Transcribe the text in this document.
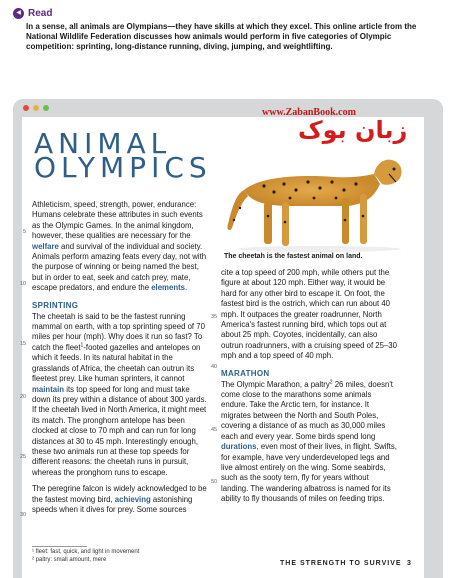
◀ Read
In a sense, all animals are Olympians—they have skills at which they excel. This online article from the National Wildlife Federation discusses how animals would perform in five categories of Olympic competition: sprinting, long-distance running, diving, jumping, and weightlifting.
www.ZabanBook.com
زبان بوک
ANIMAL
OLYMPICS
The cheetah is the fastest animal on land.

Athleticism, speed, strength, power, endurance: Humans celebrate these attributes in such events as the Olympic Games. In the animal kingdom, however, these qualities are necessary for the welfare and survival of the individual and society. Animals perform amazing feats every day, not with the purpose of winning or being named the best, but in order to eat, seek and catch prey, mate, escape predators, and endure the elements.

SPRINTING

The cheetah is said to be the fastest running mammal on earth, with a top sprinting speed of 70 miles per hour (mph). Why does it run so fast? To catch the fleet$^1$-footed gazelles and antelopes on which it feeds. In its natural habitat in the grasslands of Africa, the cheetah can outrun its fleetest prey. Like human sprinters, it cannot maintain its top speed for long and must take down its prey within a distance of about 300 yards. If the cheetah lived in North America, it might meet its match. The pronghorn antelope has been clocked at close to 70 mph and can run for long distances at 30 to 45 mph. Interestingly enough, these two animals run at these top speeds for different reasons: the cheetah runs in pursuit, whereas the pronghorn runs to escape.

The peregrine falcon is widely acknowledged to be the fastest moving bird, achieving astonishing speeds when it dives for prey. Some sources

cite a top speed of 200 mph, while others put the figure at about 120 mph. Either way, it would be hard for any other bird to escape it. On foot, the fastest bird is the ostrich, which can run about 40 mph. It outpaces the greater roadrunner, North America's fastest running bird, which tops out at about 25 mph. Coyotes, incidentally, can also outrun roadrunners, with a cruising speed of 25–30 mph and a top speed of 40 mph.

MARATHON

The Olympic Marathon, a paltry$^2$ 26 miles, doesn't come close to the marathons some animals endure. Take the Arctic tern, for instance. It migrates between the North and South Poles, covering a distance of as much as 30,000 miles each and every year. Some birds spend long durations, even most of their lives, in flight. Swifts, for example, have very underdeveloped legs and live almost entirely on the wing. Some seabirds, such as the sooty tern, fly for years without landing. The wandering albatross is named for its ability to fly thousands of miles on feeding trips.

5
10
15
20
25
30
35
40
45
50
¹ fleet: fast, quick, and light in movement
² paltry: small amount, mere	THE STRENGTH TO SURVIVE 3
